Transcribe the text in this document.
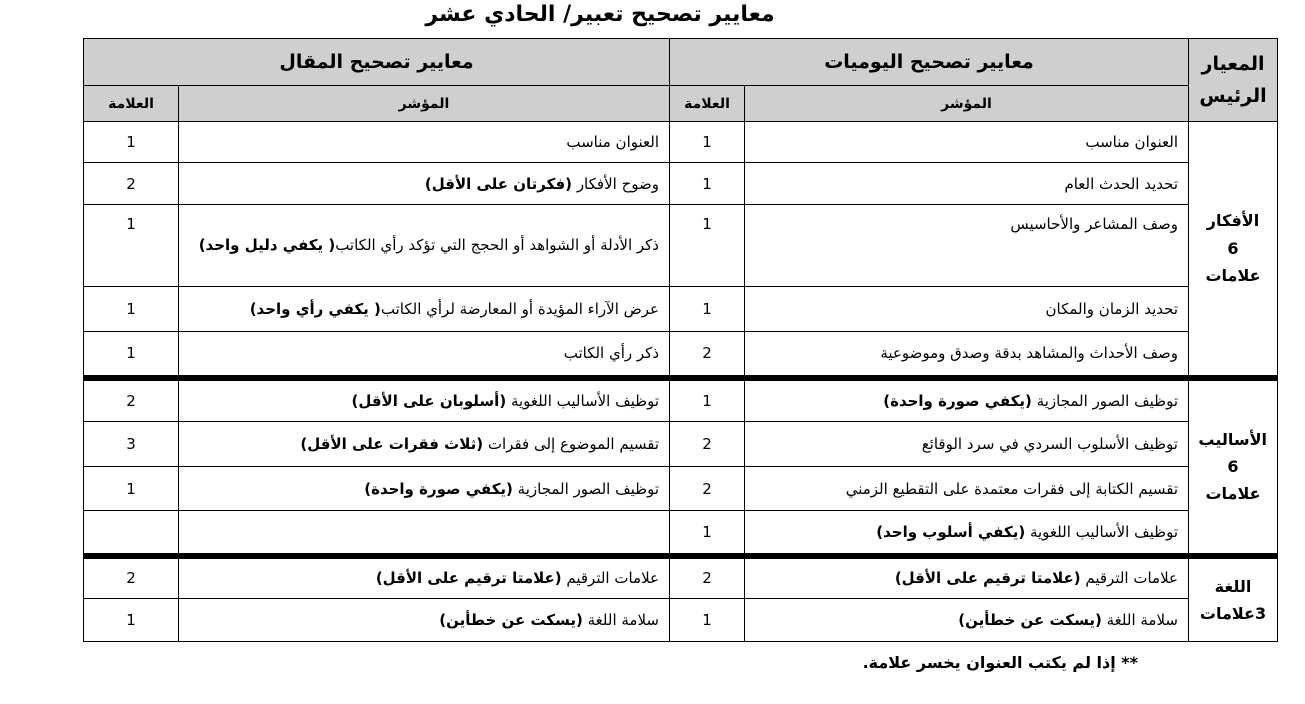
معايير تصحيح تعبير/ الحادي عشر
المعيار الرئيس	معايير تصحيح اليوميات		معايير تصحيح المقال	
	المؤشر	العلامة	المؤشر	العلامة
الأفكار 6 علامات	العنوان مناسب	1	العنوان مناسب	1
	تحديد الحدث العام	1	وضوح الأفكار (فكرتان على الأقل)	2
	وصف المشاعر والأحاسيس	1	ذكر الأدلة أو الشواهد أو الحجج التي تؤكد رأي الكاتب( يكفي دليل واحد)	1
	تحديد الزمان والمكان	1	عرض الآراء المؤيدة أو المعارضة لرأي الكاتب( يكفي رأي واحد)	1
	وصف الأحداث والمشاهد بدقة وصدق وموضوعية	2	ذكر رأي الكاتب	1
الأساليب 6 علامات	توظيف الصور المجازية (يكفي صورة واحدة)	1	توظيف الأساليب اللغوية (أسلوبان على الأقل)	2
	توظيف الأسلوب السردي في سرد الوقائع	2	تقسيم الموضوع إلى فقرات (ثلاث فقرات على الأقل)	3
	تقسيم الكتابة إلى فقرات معتمدة على التقطيع الزمني	2	توظيف الصور المجازية (يكفي صورة واحدة)	1
	توظيف الأساليب اللغوية (يكفي أسلوب واحد)	1		
اللغة 3علامات	علامات الترقيم (علامتا ترقيم على الأقل)	2	علامات الترقيم (علامتا ترقيم على الأقل)	2
	سلامة اللغة (يسكت عن خطأين)	1	سلامة اللغة (يسكت عن خطأين)	1
** إذا لم يكتب العنوان يخسر علامة.
